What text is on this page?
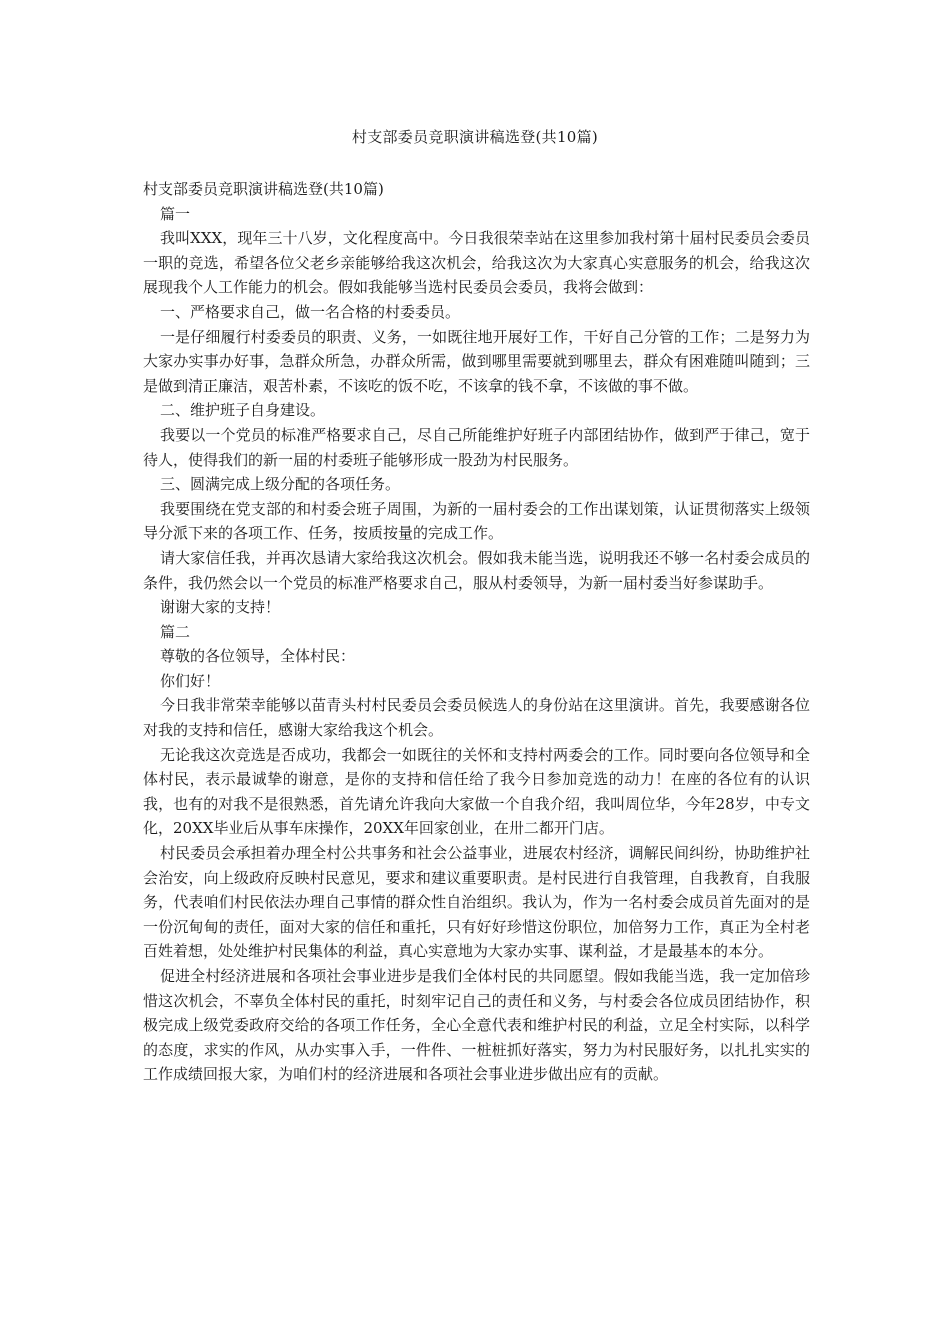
村支部委员竞职演讲稿选登(共10篇)

村支部委员竞职演讲稿选登(共10篇)

篇一

我叫XXX，现年三十八岁，文化程度高中。今日我很荣幸站在这里参加我村第十届村民委员会委员一职的竞选，希望各位父老乡亲能够给我这次机会，给我这次为大家真心实意服务的机会，给我这次展现我个人工作能力的机会。假如我能够当选村民委员会委员，我将会做到：

一、严格要求自己，做一名合格的村委委员。

一是仔细履行村委委员的职责、义务，一如既往地开展好工作，干好自己分管的工作；二是努力为大家办实事办好事，急群众所急，办群众所需，做到哪里需要就到哪里去，群众有困难随叫随到；三是做到清正廉洁，艰苦朴素，不该吃的饭不吃，不该拿的钱不拿，不该做的事不做。

二、维护班子自身建设。

我要以一个党员的标准严格要求自己，尽自己所能维护好班子内部团结协作，做到严于律己，宽于待人，使得我们的新一届的村委班子能够形成一股劲为村民服务。

三、圆满完成上级分配的各项任务。

我要围绕在党支部的和村委会班子周围，为新的一届村委会的工作出谋划策，认证贯彻落实上级领导分派下来的各项工作、任务，按质按量的完成工作。

请大家信任我，并再次恳请大家给我这次机会。假如我未能当选，说明我还不够一名村委会成员的条件，我仍然会以一个党员的标准严格要求自己，服从村委领导，为新一届村委当好参谋助手。

谢谢大家的支持！

篇二

尊敬的各位领导，全体村民：

你们好！

今日我非常荣幸能够以苗青头村村民委员会委员候选人的身份站在这里演讲。首先，我要感谢各位对我的支持和信任，感谢大家给我这个机会。

无论我这次竞选是否成功，我都会一如既往的关怀和支持村两委会的工作。同时要向各位领导和全体村民，表示最诚挚的谢意，是你的支持和信任给了我今日参加竞选的动力！在座的各位有的认识我，也有的对我不是很熟悉，首先请允许我向大家做一个自我介绍，我叫周位华，今年28岁，中专文化，20XX毕业后从事车床操作，20XX年回家创业，在卅二都开门店。

村民委员会承担着办理全村公共事务和社会公益事业，进展农村经济，调解民间纠纷，协助维护社会治安，向上级政府反映村民意见，要求和建议重要职责。是村民进行自我管理，自我教育，自我服务，代表咱们村民依法办理自己事情的群众性自治组织。我认为，作为一名村委会成员首先面对的是一份沉甸甸的责任，面对大家的信任和重托，只有好好珍惜这份职位，加倍努力工作，真正为全村老百姓着想，处处维护村民集体的利益，真心实意地为大家办实事、谋利益，才是最基本的本分。

促进全村经济进展和各项社会事业进步是我们全体村民的共同愿望。假如我能当选，我一定加倍珍惜这次机会，不辜负全体村民的重托，时刻牢记自己的责任和义务，与村委会各位成员团结协作，积极完成上级党委政府交给的各项工作任务，全心全意代表和维护村民的利益，立足全村实际，以科学的态度，求实的作风，从办实事入手，一件件、一桩桩抓好落实，努力为村民服好务，以扎扎实实的工作成绩回报大家，为咱们村的经济进展和各项社会事业进步做出应有的贡献。
